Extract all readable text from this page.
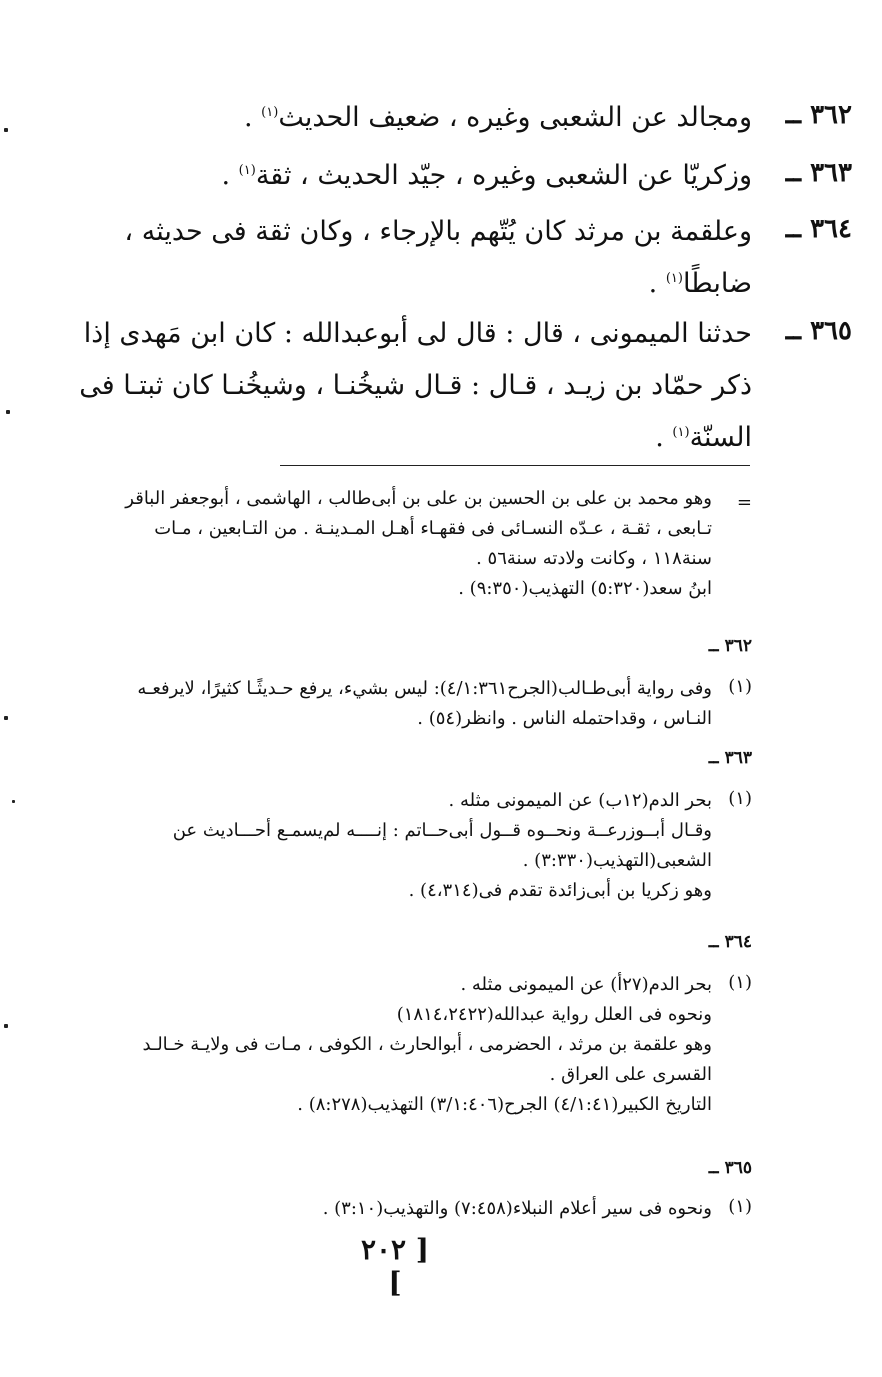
٣٦٢ ــ
ومجالد عن الشعبى وغيره ، ضعيف الحديث$^{(١)}$ .
٣٦٣ ــ
وزكريّا عن الشعبى وغيره ، جيّد الحديث ، ثقة$^{(١)}$ .
٣٦٤ ــ
وعلقمة بن مرثد كان يُتّهم بالإرجاء ، وكان ثقة فى حديثه ، ضابطًا$^{(١)}$ .
٣٦٥ ــ
حدثنا الميمونى ، قال : قال لى أبوعبدالله : كان ابن مَهدى إذا ذكر حمّاد بن زيـد ، قـال : قـال شيخُنـا ، وشيخُنـا كان ثبتـا فى السنّة$^{(١)}$ .
=
وهو محمد بن على بن الحسين بن على بن أبى‌طالب ، الهاشمى ، أبوجعفر الباقر
تـابعى ، ثقـة ، عـدّه النسـائى فى فقهـاء أهـل المـدينـة . من التـابعين ، مـات
سنة١١٨ ، وكانت ولادته سنة٥٦ .
ابنُ سعد(٥:٣٢٠) التهذيب(٩:٣٥٠) .
٣٦٢ ــ
(١)
وفى رواية أبى‌طـالب(الجرح٤/١:٣٦١): ليس بشيء، يرفع حـديثًـا كثيرًا، لايرفعـه
النـاس ، وقداحتمله الناس . وانظر(٥٤) .
٣٦٣ ــ
(١)
بحر الدم(١٢ب) عن الميمونى مثله .
وقـال أبــوزرعــة ونحــوه قــول أبى‌حــاتم : إنــــه لم‌يسمـع أحـــاديث عن
الشعبى(التهذيب(٣:٣٣٠) .
وهو زكريا بن أبى‌زائدة تقدم فى(٤،٣١٤) .
٣٦٤ ــ
(١)
بحر الدم(٢٧أ) عن الميمونى مثله .
ونحوه فى العلل رواية عبدالله(١٨١٤،٢٤٢٢)
وهو علقمة بن مرثد ، الحضرمى ، أبوالحارث ، الكوفى ، مـات فى ولايـة خـالـد
القسرى على العراق .
التاريخ الكبير(٤/١:٤١) الجرح(٣/١:٤٠٦) التهذيب(٨:٢٧٨) .
٣٦٥ ــ
(١)
ونحوه فى سير أعلام النبلاء(٧:٤٥٨) والتهذيب(٣:١٠) .
[ ٢٠٢ ]
